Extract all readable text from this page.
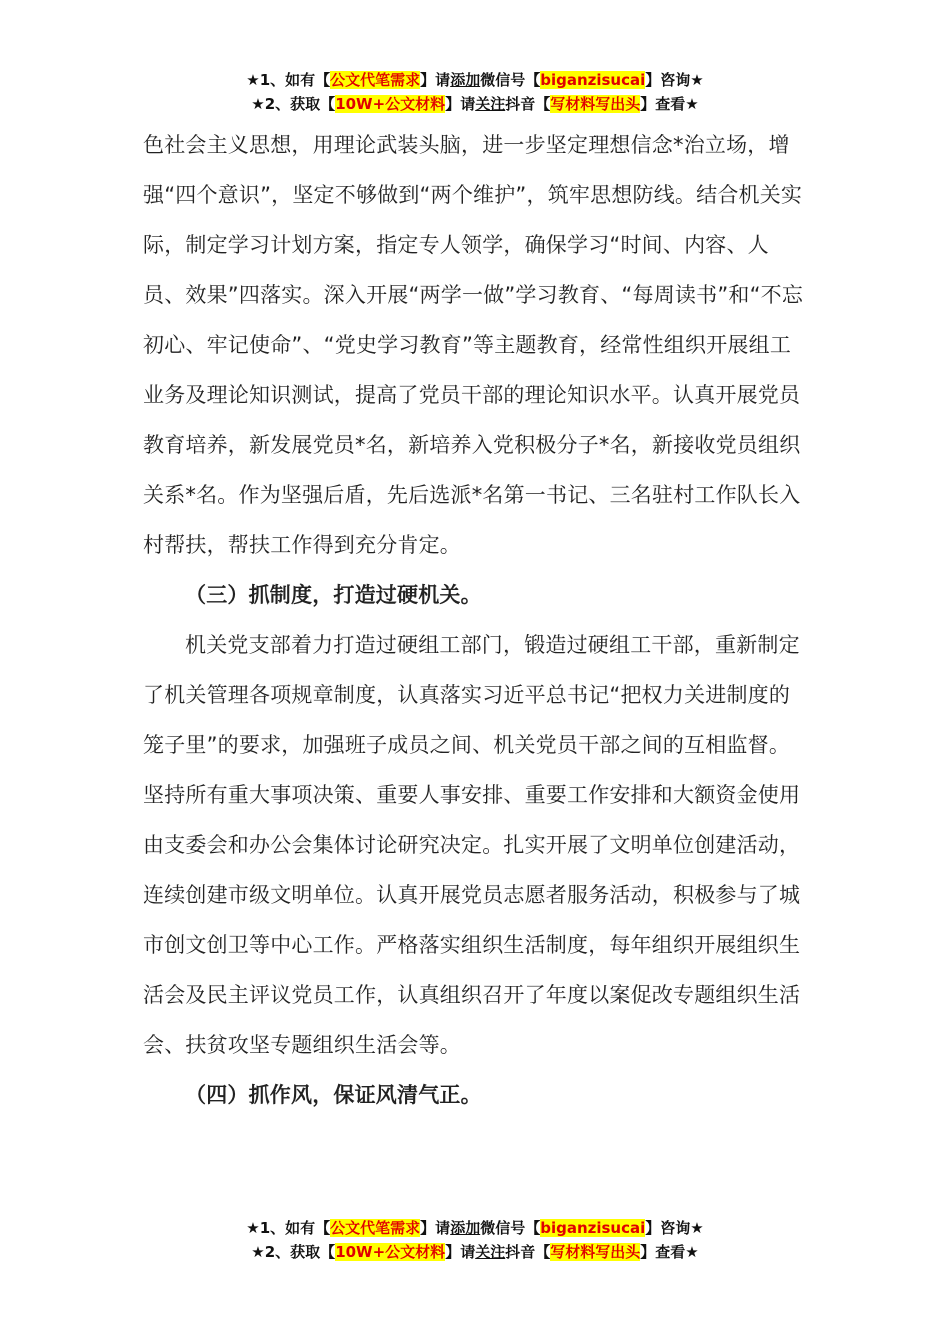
★1、如有【公文代笔需求】请添加微信号【biganzisucai】咨询★
★2、获取【10W+公文材料】请关注抖音【写材料写出头】查看★

色社会主义思想，用理论武装头脑，进一步坚定理想信念*治立场，增强“四个意识”，坚定不够做到“两个维护”，筑牢思想防线。结合机关实际，制定学习计划方案，指定专人领学，确保学习“时间、内容、人员、效果”四落实。深入开展“两学一做”学习教育、“每周读书”和“不忘初心、牢记使命”、“党史学习教育”等主题教育，经常性组织开展组工业务及理论知识测试，提高了党员干部的理论知识水平。认真开展党员教育培养，新发展党员*名，新培养入党积极分子*名，新接收党员组织关系*名。作为坚强后盾，先后选派*名第一书记、三名驻村工作队长入村帮扶，帮扶工作得到充分肯定。

（三）抓制度，打造过硬机关。

机关党支部着力打造过硬组工部门，锻造过硬组工干部，重新制定了机关管理各项规章制度，认真落实习近平总书记“把权力关进制度的笼子里”的要求，加强班子成员之间、机关党员干部之间的互相监督。坚持所有重大事项决策、重要人事安排、重要工作安排和大额资金使用由支委会和办公会集体讨论研究决定。扎实开展了文明单位创建活动，连续创建市级文明单位。认真开展党员志愿者服务活动，积极参与了城市创文创卫等中心工作。严格落实组织生活制度，每年组织开展组织生活会及民主评议党员工作，认真组织召开了年度以案促改专题组织生活会、扶贫攻坚专题组织生活会等。

（四）抓作风，保证风清气正。

★1、如有【公文代笔需求】请添加微信号【biganzisucai】咨询★
★2、获取【10W+公文材料】请关注抖音【写材料写出头】查看★
